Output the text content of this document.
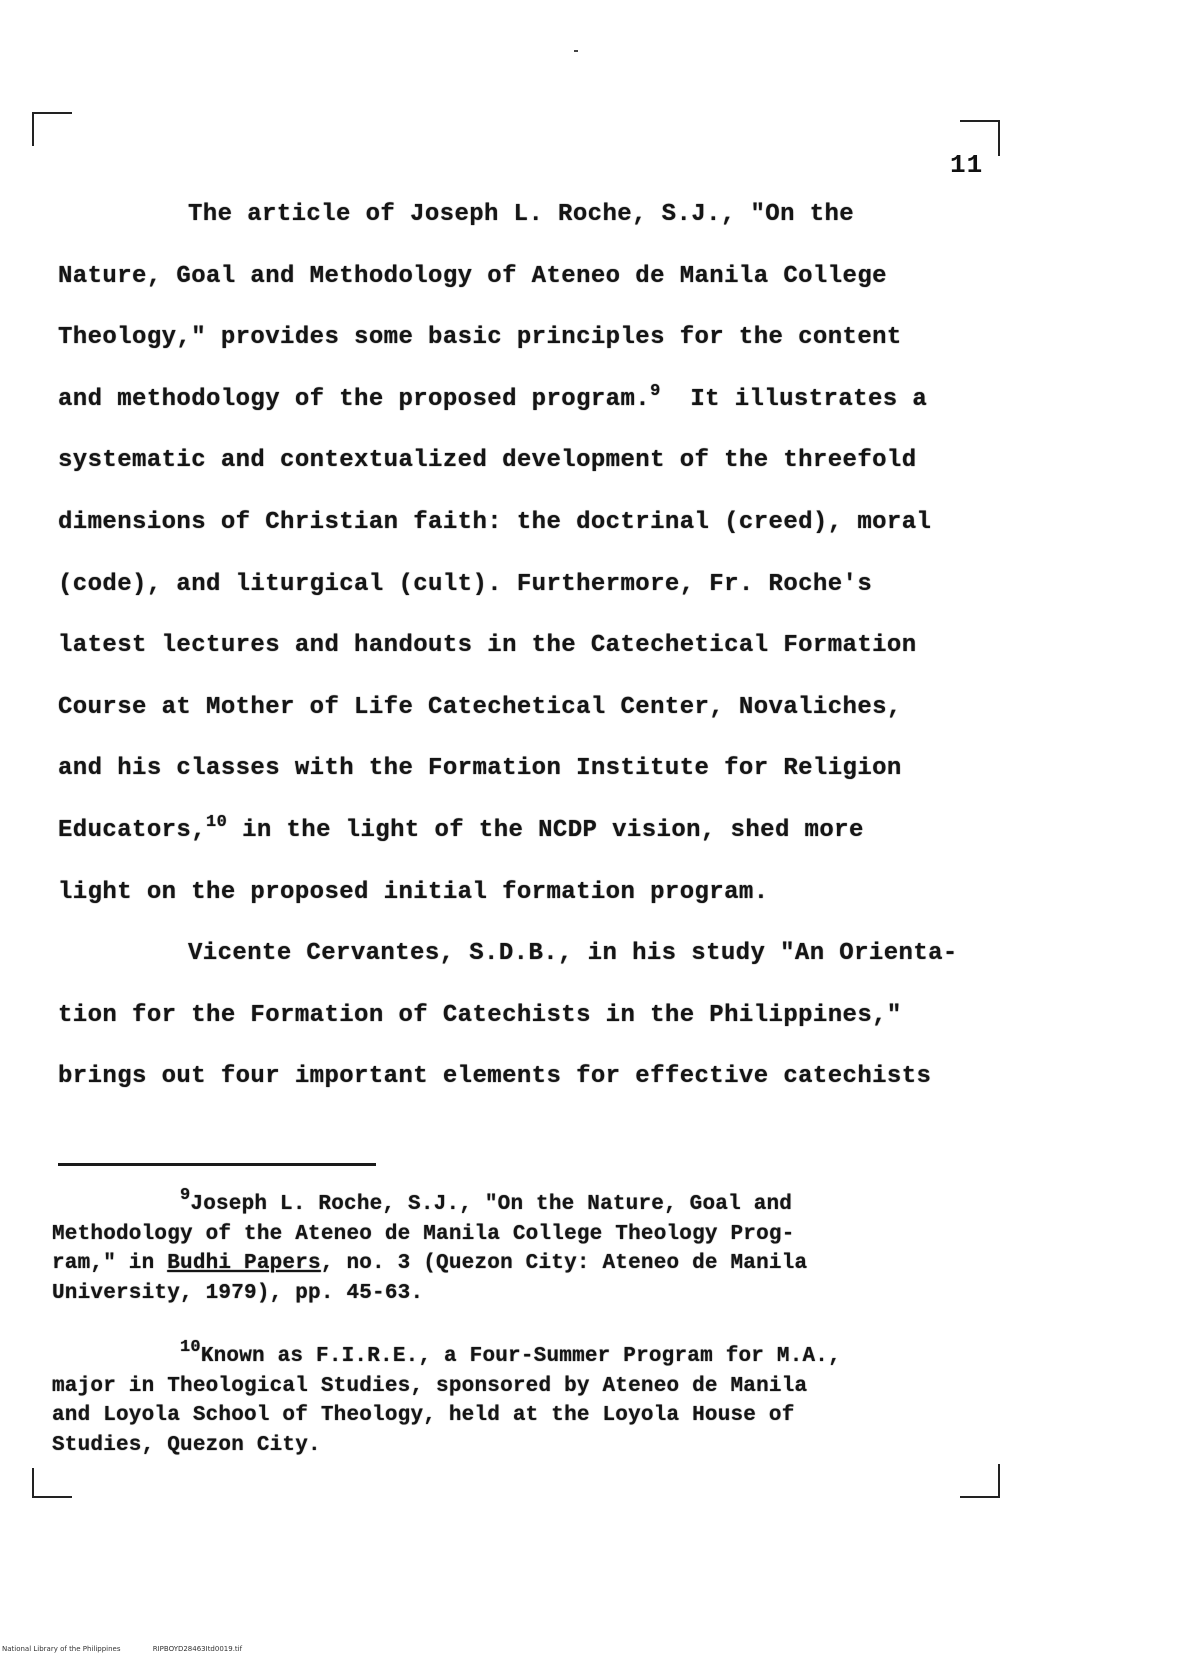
11
The article of Joseph L. Roche, S.J., "On the
Nature, Goal and Methodology of Ateneo de Manila College
Theology," provides some basic principles for the content
and methodology of the proposed program.$^9$ It illustrates a
systematic and contextualized development of the threefold
dimensions of Christian faith: the doctrinal (creed), moral
(code), and liturgical (cult). Furthermore, Fr. Roche's
latest lectures and handouts in the Catechetical Formation
Course at Mother of Life Catechetical Center, Novaliches,
and his classes with the Formation Institute for Religion
Educators,$^{10}$ in the light of the NCDP vision, shed more
light on the proposed initial formation program.
Vicente Cervantes, S.D.B., in his study "An Orienta-
tion for the Formation of Catechists in the Philippines,"
brings out four important elements for effective catechists
$^9$Joseph L. Roche, S.J., "On the Nature, Goal and
Methodology of the Ateneo de Manila College Theology Prog-
ram," in Budhi Papers, no. 3 (Quezon City: Ateneo de Manila
University, 1979), pp. 45-63.
$^{10}$Known as F.I.R.E., a Four-Summer Program for M.A.,
major in Theological Studies, sponsored by Ateneo de Manila
and Loyola School of Theology, held at the Loyola House of
Studies, Quezon City.
National Library of the Philippines	RIPBOYD28463Itd0019.tif
